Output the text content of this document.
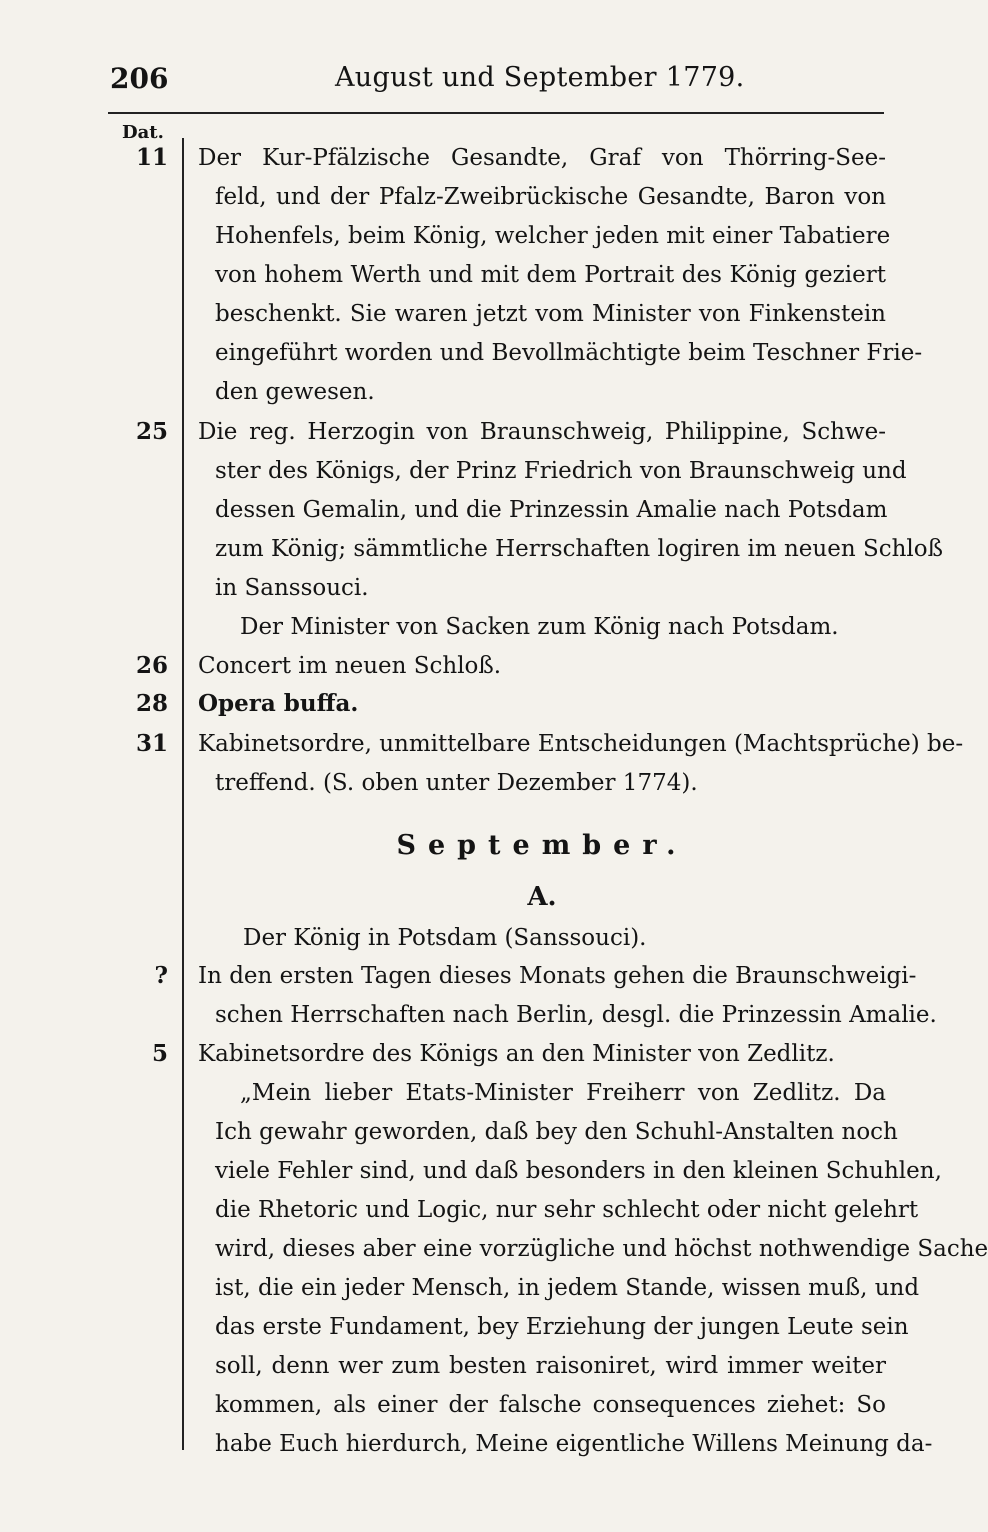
206	August und September 1779.
Dat.
11 Der Kur-Pfälzische Gesandte, Graf von Thörring-See-
feld, und der Pfalz-Zweibrückische Gesandte, Baron von
Hohenfels, beim König, welcher jeden mit einer Tabatiere
von hohem Werth und mit dem Portrait des König geziert
beschenkt. Sie waren jetzt vom Minister von Finkenstein
eingeführt worden und Bevollmächtigte beim Teschner Frie-
den gewesen.
25 Die reg. Herzogin von Braunschweig, Philippine, Schwe-
ster des Königs, der Prinz Friedrich von Braunschweig und
dessen Gemalin, und die Prinzessin Amalie nach Potsdam
zum König; sämmtliche Herrschaften logiren im neuen Schloß
in Sanssouci.
Der Minister von Sacken zum König nach Potsdam.
26 Concert im neuen Schloß.
28 Opera buffa.
31 Kabinetsordre, unmittelbare Entscheidungen (Machtsprüche) be-
treffend. (S. oben unter Dezember 1774).
September.
A.
Der König in Potsdam (Sanssouci).
? In den ersten Tagen dieses Monats gehen die Braunschweigi-
schen Herrschaften nach Berlin, desgl. die Prinzessin Amalie.
5 Kabinetsordre des Königs an den Minister von Zedlitz.
„Mein lieber Etats-Minister Freiherr von Zedlitz. Da
Ich gewahr geworden, daß bey den Schuhl-Anstalten noch
viele Fehler sind, und daß besonders in den kleinen Schuhlen,
die Rhetoric und Logic, nur sehr schlecht oder nicht gelehrt
wird, dieses aber eine vorzügliche und höchst nothwendige Sache
ist, die ein jeder Mensch, in jedem Stande, wissen muß, und
das erste Fundament, bey Erziehung der jungen Leute sein
soll, denn wer zum besten raisoniret, wird immer weiter
kommen, als einer der falsche consequences ziehet: So
habe Euch hierdurch, Meine eigentliche Willens Meinung da-
